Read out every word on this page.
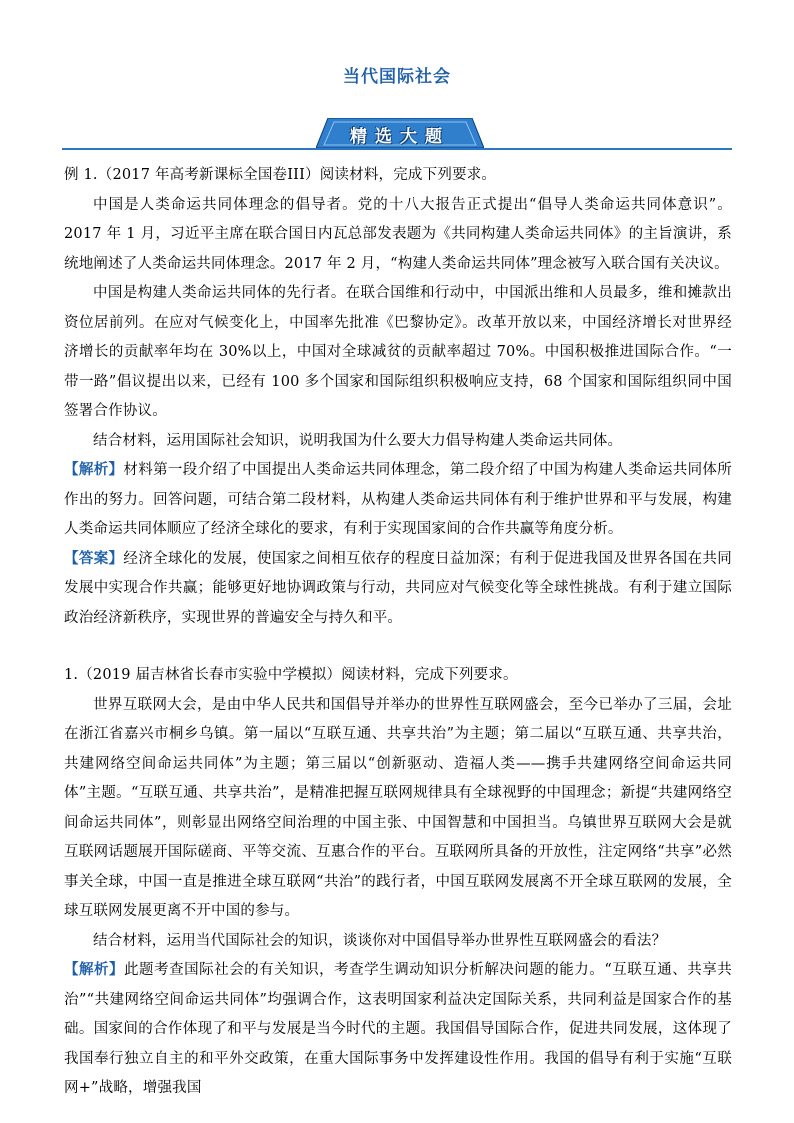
当代国际社会
精选大题

例 1.（2017 年高考新课标全国卷III）阅读材料，完成下列要求。

中国是人类命运共同体理念的倡导者。党的十八大报告正式提出“倡导人类命运共同体意识”。2017 年 1 月，习近平主席在联合国日内瓦总部发表题为《共同构建人类命运共同体》的主旨演讲，系统地阐述了人类命运共同体理念。2017 年 2 月，“构建人类命运共同体”理念被写入联合国有关决议。

中国是构建人类命运共同体的先行者。在联合国维和行动中，中国派出维和人员最多，维和摊款出资位居前列。在应对气候变化上，中国率先批准《巴黎协定》。改革开放以来，中国经济增长对世界经济增长的贡献率年均在 30%以上，中国对全球减贫的贡献率超过 70%。中国积极推进国际合作。“一带一路”倡议提出以来，已经有 100 多个国家和国际组织积极响应支持，68 个国家和国际组织同中国签署合作协议。

结合材料，运用国际社会知识，说明我国为什么要大力倡导构建人类命运共同体。

【解析】材料第一段介绍了中国提出人类命运共同体理念，第二段介绍了中国为构建人类命运共同体所作出的努力。回答问题，可结合第二段材料，从构建人类命运共同体有利于维护世界和平与发展，构建人类命运共同体顺应了经济全球化的要求，有利于实现国家间的合作共赢等角度分析。

【答案】经济全球化的发展，使国家之间相互依存的程度日益加深；有利于促进我国及世界各国在共同发展中实现合作共赢；能够更好地协调政策与行动，共同应对气候变化等全球性挑战。有利于建立国际政治经济新秩序，实现世界的普遍安全与持久和平。

1.（2019 届吉林省长春市实验中学模拟）阅读材料，完成下列要求。

世界互联网大会，是由中华人民共和国倡导并举办的世界性互联网盛会，至今已举办了三届，会址在浙江省嘉兴市桐乡乌镇。第一届以“互联互通、共享共治”为主题；第二届以“互联互通、共享共治，共建网络空间命运共同体”为主题；第三届以“创新驱动、造福人类——携手共建网络空间命运共同体”主题。“互联互通、共享共治”，是精准把握互联网规律具有全球视野的中国理念；新提“共建网络空间命运共同体”，则彰显出网络空间治理的中国主张、中国智慧和中国担当。乌镇世界互联网大会是就互联网话题展开国际磋商、平等交流、互惠合作的平台。互联网所具备的开放性，注定网络“共享”必然事关全球，中国一直是推进全球互联网“共治”的践行者，中国互联网发展离不开全球互联网的发展，全球互联网发展更离不开中国的参与。

结合材料，运用当代国际社会的知识，谈谈你对中国倡导举办世界性互联网盛会的看法？

【解析】此题考查国际社会的有关知识，考查学生调动知识分析解决问题的能力。“互联互通、共享共治”“共建网络空间命运共同体”均强调合作，这表明国家利益决定国际关系，共同利益是国家合作的基础。国家间的合作体现了和平与发展是当今时代的主题。我国倡导国际合作，促进共同发展，这体现了我国奉行独立自主的和平外交政策，在重大国际事务中发挥建设性作用。我国的倡导有利于实施“互联网+”战略，增强我国
